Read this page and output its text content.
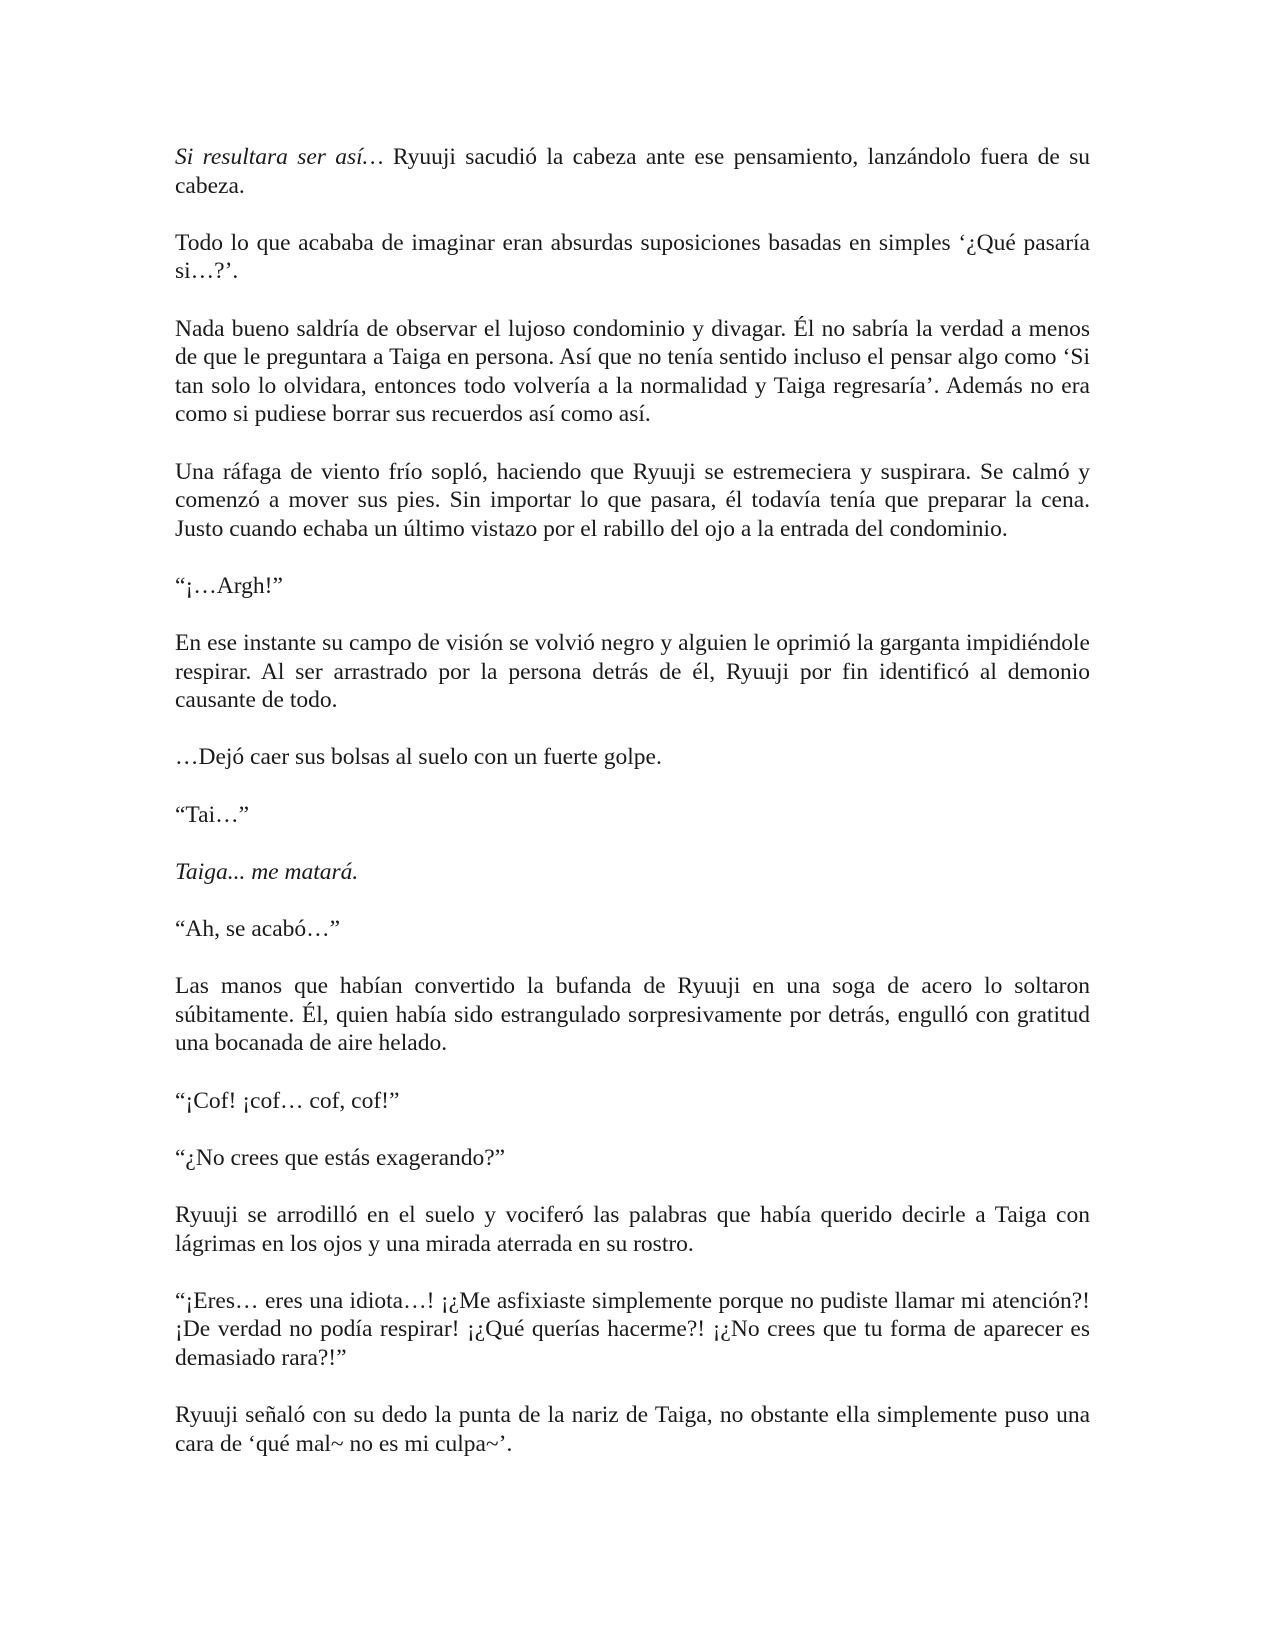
Si resultara ser así… Ryuuji sacudió la cabeza ante ese pensamiento, lanzándolo fuera de su cabeza.

Todo lo que acababa de imaginar eran absurdas suposiciones basadas en simples ‘¿Qué pasaría si…?’.

Nada bueno saldría de observar el lujoso condominio y divagar. Él no sabría la verdad a menos de que le preguntara a Taiga en persona. Así que no tenía sentido incluso el pensar algo como ‘Si tan solo lo olvidara, entonces todo volvería a la normalidad y Taiga regresaría’. Además no era como si pudiese borrar sus recuerdos así como así.

Una ráfaga de viento frío sopló, haciendo que Ryuuji se estremeciera y suspirara. Se calmó y comenzó a mover sus pies. Sin importar lo que pasara, él todavía tenía que preparar la cena. Justo cuando echaba un último vistazo por el rabillo del ojo a la entrada del condominio.

“¡…Argh!”

En ese instante su campo de visión se volvió negro y alguien le oprimió la garganta impidiéndole respirar. Al ser arrastrado por la persona detrás de él, Ryuuji por fin identificó al demonio causante de todo.

…Dejó caer sus bolsas al suelo con un fuerte golpe.

“Tai…”

Taiga... me matará.

“Ah, se acabó…”

Las manos que habían convertido la bufanda de Ryuuji en una soga de acero lo soltaron súbitamente. Él, quien había sido estrangulado sorpresivamente por detrás, engulló con gratitud una bocanada de aire helado.

“¡Cof! ¡cof… cof, cof!”

“¿No crees que estás exagerando?”

Ryuuji se arrodilló en el suelo y vociferó las palabras que había querido decirle a Taiga con lágrimas en los ojos y una mirada aterrada en su rostro.

“¡Eres… eres una idiota…! ¡¿Me asfixiaste simplemente porque no pudiste llamar mi atención?! ¡De verdad no podía respirar! ¡¿Qué querías hacerme?! ¡¿No crees que tu forma de aparecer es demasiado rara?!”

Ryuuji señaló con su dedo la punta de la nariz de Taiga, no obstante ella simplemente puso una cara de ‘qué mal~ no es mi culpa~’.
